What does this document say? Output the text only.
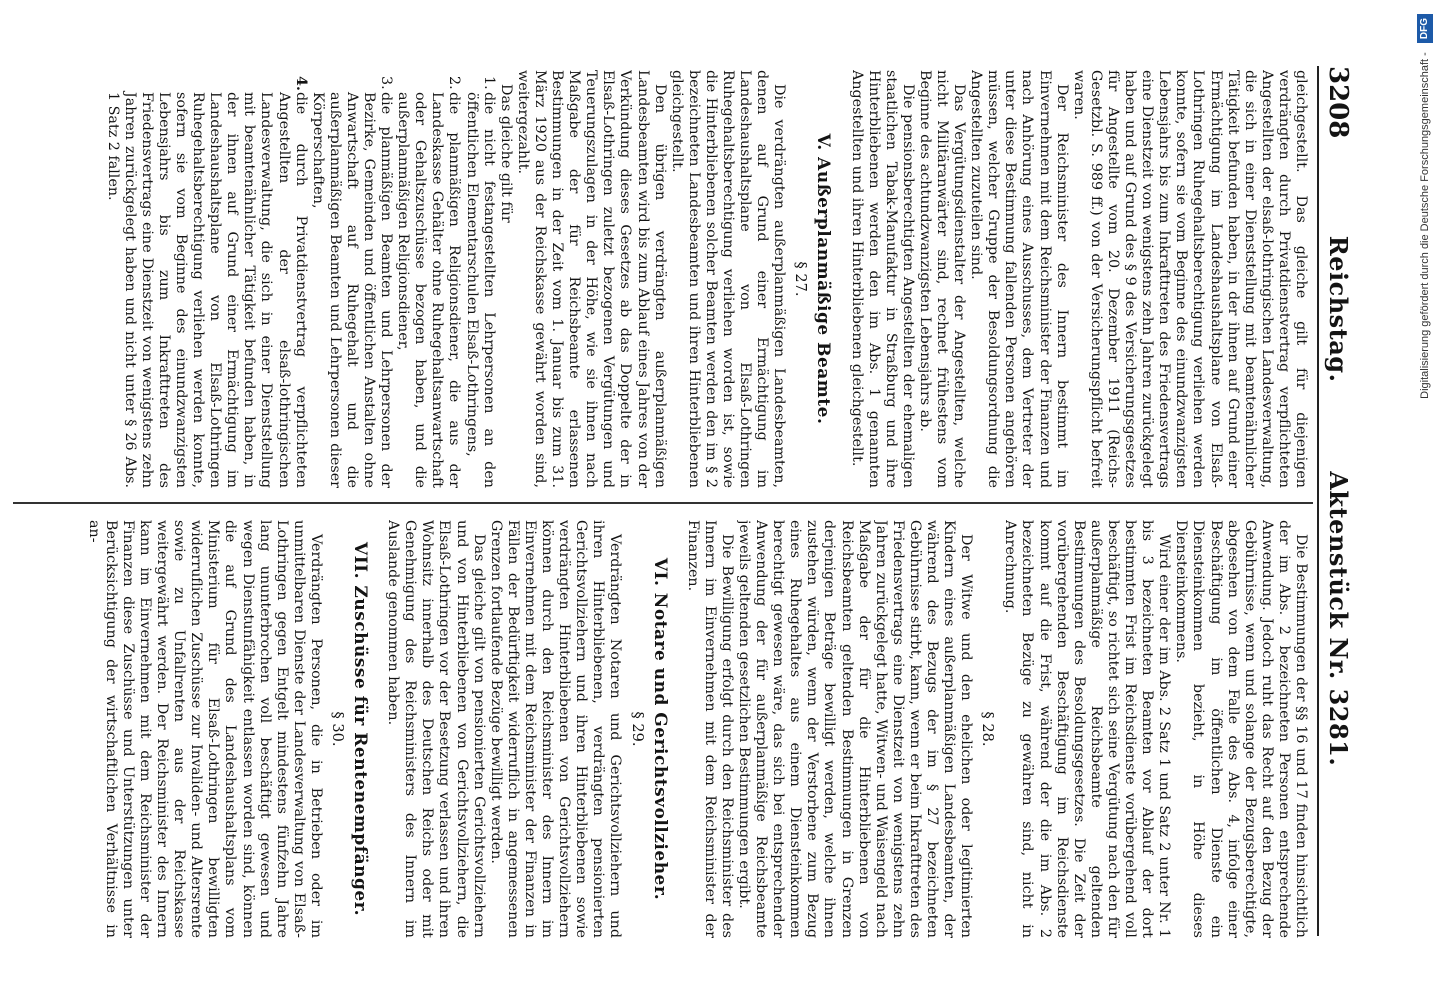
3208
Reichstag. Aktenstück Nr. 3281.

gleichgestellt. Das gleiche gilt für diejenigen verdrängten durch Privatdienstvertrag verpflichteten Angestellten der elsaß-lothringischen Landesverwaltung, die sich in einer Dienststellung mit beamtenähnlicher Tätigkeit befunden haben, in der ihnen auf Grund einer Ermächtigung im Landeshaushaltsplane von Elsaß-Lothringen Ruhegehaltsberechtigung verliehen werden konnte, sofern sie vom Beginne des einundzwanzigsten Lebensjahrs bis zum Inkrafttreten des Friedensvertrags eine Dienstzeit von wenigstens zehn Jahren zurückgelegt haben und auf Grund des § 9 des Versicherungsgesetzes für Angestellte vom 20. Dezember 1911 (Reichs-Gesetzbl. S. 989 ff.) von der Versicherungspflicht befreit waren.

Der Reichsminister des Innern bestimmt im Einvernehmen mit dem Reichsminister der Finanzen und nach Anhörung eines Ausschusses, dem Vertreter der unter diese Bestimmung fallenden Personen angehören müssen, welcher Gruppe der Besoldungsordnung die Angestellten zuzuteilen sind.

Das Vergütungsdienstalter der Angestellten, welche nicht Militäranwärter sind, rechnet frühestens vom Beginne des achtundzwanzigsten Lebensjahrs ab.

Die pensionsberechtigten Angestellten der ehemaligen staatlichen Tabak-Manufaktur in Straßburg und ihre Hinterbliebenen werden den im Abs. 1 genannten Angestellten und ihren Hinterbliebenen gleichgestellt.

V. Außerplanmäßige Beamte.
§ 27.

Die verdrängten außerplanmäßigen Landesbeamten, denen auf Grund einer Ermächtigung im Landeshaushaltsplane von Elsaß-Lothringen Ruhegehaltsberechtigung verliehen worden ist, sowie die Hinterbliebenen solcher Beamten werden den im § 2 bezeichneten Landesbeamten und ihren Hinterbliebenen gleichgestellt.

Den übrigen verdrängten außerplanmäßigen Landesbeamten wird bis zum Ablauf eines Jahres von der Verkündung dieses Gesetzes ab das Doppelte der in Elsaß-Lothringen zuletzt bezogenen Vergütungen und Teuerungszulagen in der Höhe, wie sie ihnen nach Maßgabe der für Reichsbeamte erlassenen Bestimmungen in der Zeit vom 1. Januar bis zum 31. März 1920 aus der Reichskasse gewährt worden sind, weitergezahlt.

Das gleiche gilt für

1.die nicht festangestellten Lehrpersonen an den öffentlichen Elementarschulen Elsaß-Lothringens,

2.die planmäßigen Religionsdiener, die aus der Landeskasse Gehälter ohne Ruhegehaltsanwartschaft oder Gehaltszuschüsse bezogen haben, und die außerplanmäßigen Religionsdiener,

3.die planmäßigen Beamten und Lehrpersonen der Bezirke, Gemeinden und öffentlichen Anstalten ohne Anwartschaft auf Ruhegehalt und die außerplanmäßigen Beamten und Lehrpersonen dieser Körperschaften,

4.die durch Privatdienstvertrag verpflichteten Angestellten der elsaß-lothringischen Landesverwaltung, die sich in einer Dienststellung mit beamtenähnlicher Tätigkeit befunden haben, in der ihnen auf Grund einer Ermächtigung im Landeshaushaltsplane von Elsaß-Lothringen Ruhegehaltsberechtigung verliehen werden konnte, sofern sie vom Beginne des einundzwanzigsten Lebensjahrs bis zum Inkrafttreten des Friedensvertrags eine Dienstzeit von wenigstens zehn Jahren zurückgelegt haben und nicht unter § 26 Abs. 1 Satz 2 fallen.

Die Bestimmungen der §§ 16 und 17 finden hinsichtlich der im Abs. 2 bezeichneten Personen entsprechende Anwendung. Jedoch ruht das Recht auf den Bezug der Gebührnisse, wenn und solange der Bezugsberechtigte, abgesehen von dem Falle des Abs. 4, infolge einer Beschäftigung im öffentlichen Dienste ein Diensteinkommen bezieht, in Höhe dieses Diensteinkommens.

Wird einer der im Abs. 2 Satz 1 und Satz 2 unter Nr. 1 bis 3 bezeichneten Beamten vor Ablauf der dort bestimmten Frist im Reichsdienste vorübergehend voll beschäftigt, so richtet sich seine Vergütung nach den für außerplanmäßige Reichsbeamte geltenden Bestimmungen des Besoldungsgesetzes. Die Zeit der vorübergehenden Beschäftigung im Reichsdienste kommt auf die Frist, während der die im Abs. 2 bezeichneten Bezüge zu gewähren sind, nicht in Anrechnung.

§ 28.

Der Witwe und den ehelichen oder legitimierten Kindern eines außerplanmäßigen Landesbeamten, der während des Bezugs der im § 27 bezeichneten Gebührnisse stirbt, kann, wenn er beim Inkrafttreten des Friedensvertrags eine Dienstzeit von wenigstens zehn Jahren zurückgelegt hatte, Witwen- und Waisengeld nach Maßgabe der für die Hinterbliebenen von Reichsbeamten geltenden Bestimmungen in Grenzen derjenigen Beträge bewilligt werden, welche ihnen zustehen würden, wenn der Verstorbene zum Bezug eines Ruhegehaltes aus einem Diensteinkommen berechtigt gewesen wäre, das sich bei entsprechender Anwendung der für außerplanmäßige Reichsbeamte jeweils geltenden gesetzlichen Bestimmungen ergibt.

Die Bewilligung erfolgt durch den Reichsminister des Innern im Einvernehmen mit dem Reichsminister der Finanzen.

VI. Notare und Gerichtsvollzieher.
§ 29.

Verdrängten Notaren und Gerichtsvollziehern und ihren Hinterbliebenen, verdrängten pensionierten Gerichtsvollziehern und ihren Hinterbliebenen sowie verdrängten Hinterbliebenen von Gerichtsvollziehern können durch den Reichsminister des Innern im Einvernehmen mit dem Reichsminister der Finanzen in Fällen der Bedürftigkeit widerruflich in angemessenen Grenzen fortlaufende Bezüge bewilligt werden.

Das gleiche gilt von pensionierten Gerichtsvollziehern und von Hinterbliebenen von Gerichtsvollziehern, die Elsaß-Lothringen vor der Besetzung verlassen und ihren Wohnsitz innerhalb des Deutschen Reichs oder mit Genehmigung des Reichsministers des Innern im Auslande genommen haben.

VII. Zuschüsse für Rentenempfänger.
§ 30.

Verdrängten Personen, die in Betrieben oder im unmittelbaren Dienste der Landesverwaltung von Elsaß-Lothringen gegen Entgelt mindestens fünfzehn Jahre lang ununterbrochen voll beschäftigt gewesen und wegen Dienstunfähigkeit entlassen worden sind, können die auf Grund des Landeshaushaltsplans vom Ministerium für Elsaß-Lothringen bewilligten widerruflichen Zuschüsse zur Invaliden- und Altersrente sowie zu Unfallrenten aus der Reichskasse weitergewährt werden. Der Reichsminister des Innern kann im Einvernehmen mit dem Reichsminister der Finanzen diese Zuschüsse und Unterstützungen unter Berücksichtigung der wirtschaftlichen Verhältnisse in an-

Digitalisierung gefördert durch die Deutsche Forschungsgemeinschaft - DFG
